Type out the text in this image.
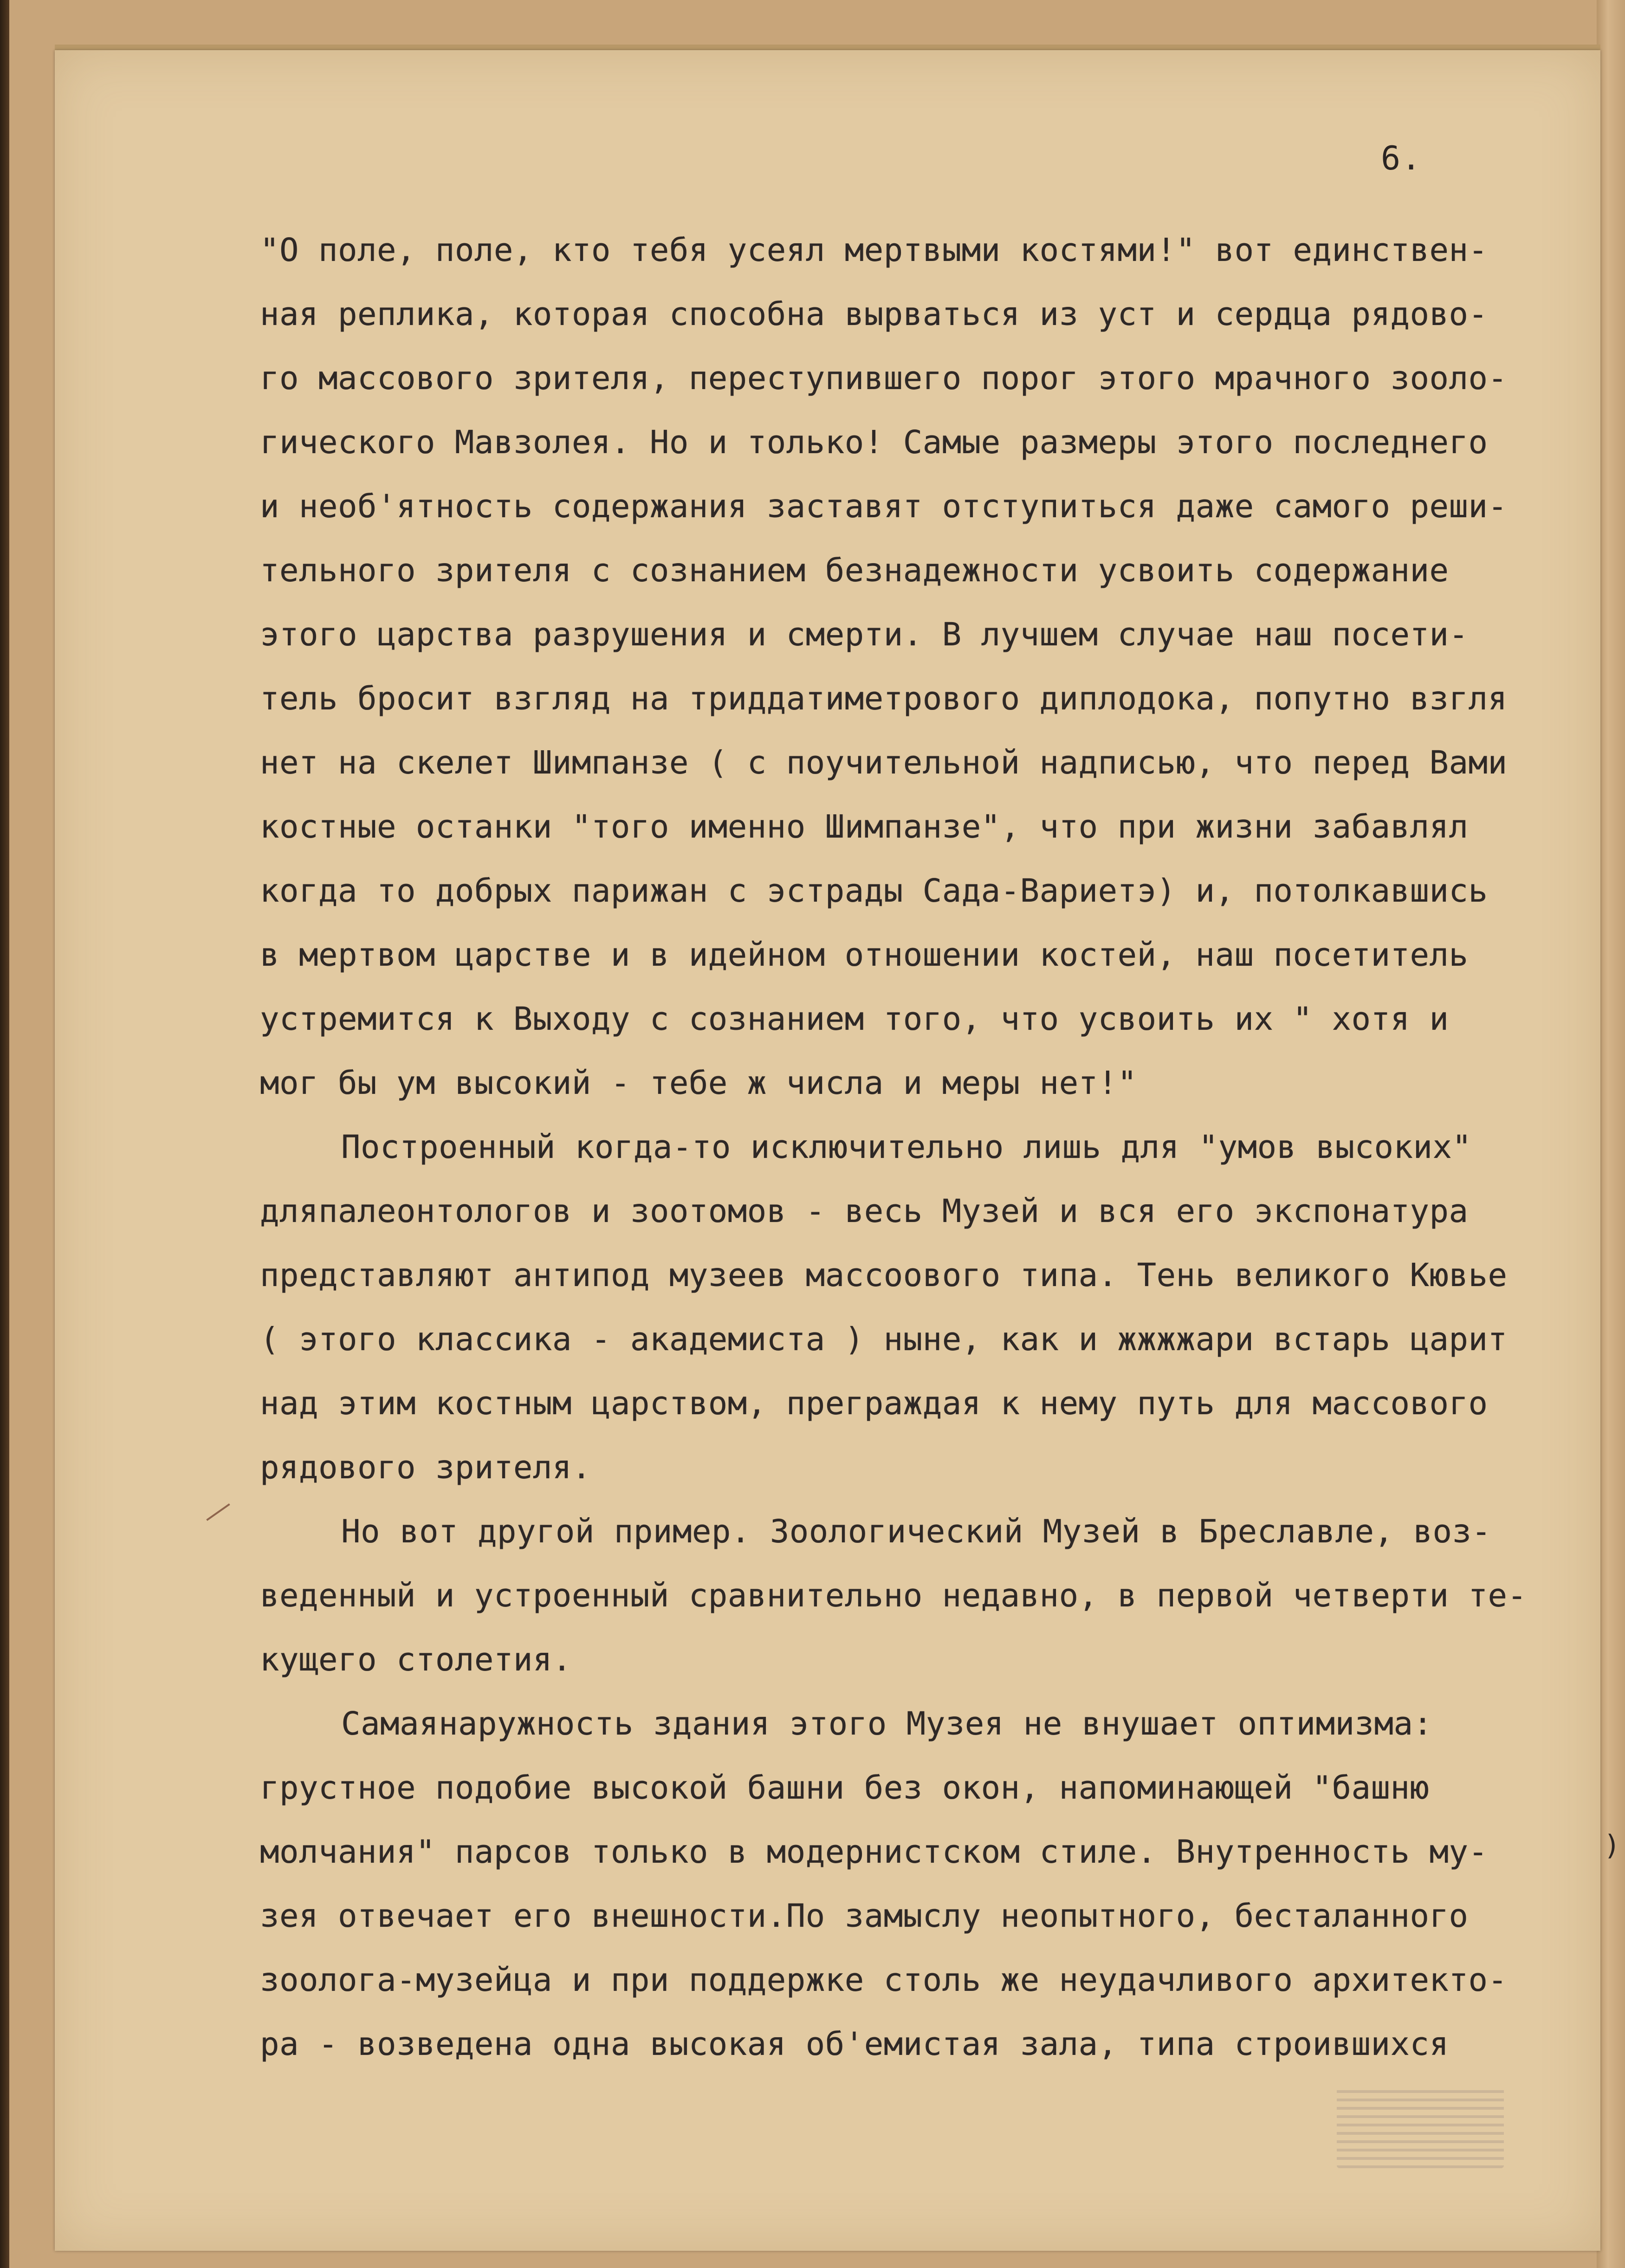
6.
"О поле, поле, кто тебя усеял мертвыми костями!" вот единствен-
ная реплика, которая способна вырваться из уст и сердца рядово-
го массового зрителя, переступившего порог этого мрачного зооло-
гического Мавзолея. Но и только! Самые размеры этого последнего
и необ'ятность содержания заставят отступиться даже самого реши-
тельного зрителя с сознанием безнадежности усвоить содержание
этого царства разрушения и смерти. В лучшем случае наш посети-
тель бросит взгляд на триддатиметрового диплодока, попутно взгля
нет на скелет Шимпанзе ( с поучительной надписью, что перед Вами
костные останки "того именно Шимпанзе", что при жизни забавлял
когда то добрых парижан с эстрады Сада-Вариетэ) и, потолкавшись
в мертвом царстве и в идейном отношении костей, наш посетитель
устремится к Выходу с сознанием того, что усвоить их " хотя и
мог бы ум высокий - тебе ж числа и меры нет!"
Построенный когда-то исключительно лишь для "умов высоких"
дляпалеонтологов и зоотомов - весь Музей и вся его экспонатура
представляют антипод музеев массоового типа. Тень великого Кювье
( этого классика - академиста ) ныне, как и жжжжари встарь царит
над этим костным царством, преграждая к нему путь для массового
рядового зрителя.
Но вот другой пример. Зоологический Музей в Бреславле, воз-
веденный и устроенный сравнительно недавно, в первой четверти те-
кущего столетия.
Самаянаружность здания этого Музея не внушает оптимизма:
грустное подобие высокой башни без окон, напоминающей "башню
молчания" парсов только в модернистском стиле. Внутренность му-
зея отвечает его внешности.По замыслу неопытного, бесталанного
зоолога-музейца и при поддержке столь же неудачливого архитекто-
ра - возведена одна высокая об'емистая зала, типа строившихся
)
